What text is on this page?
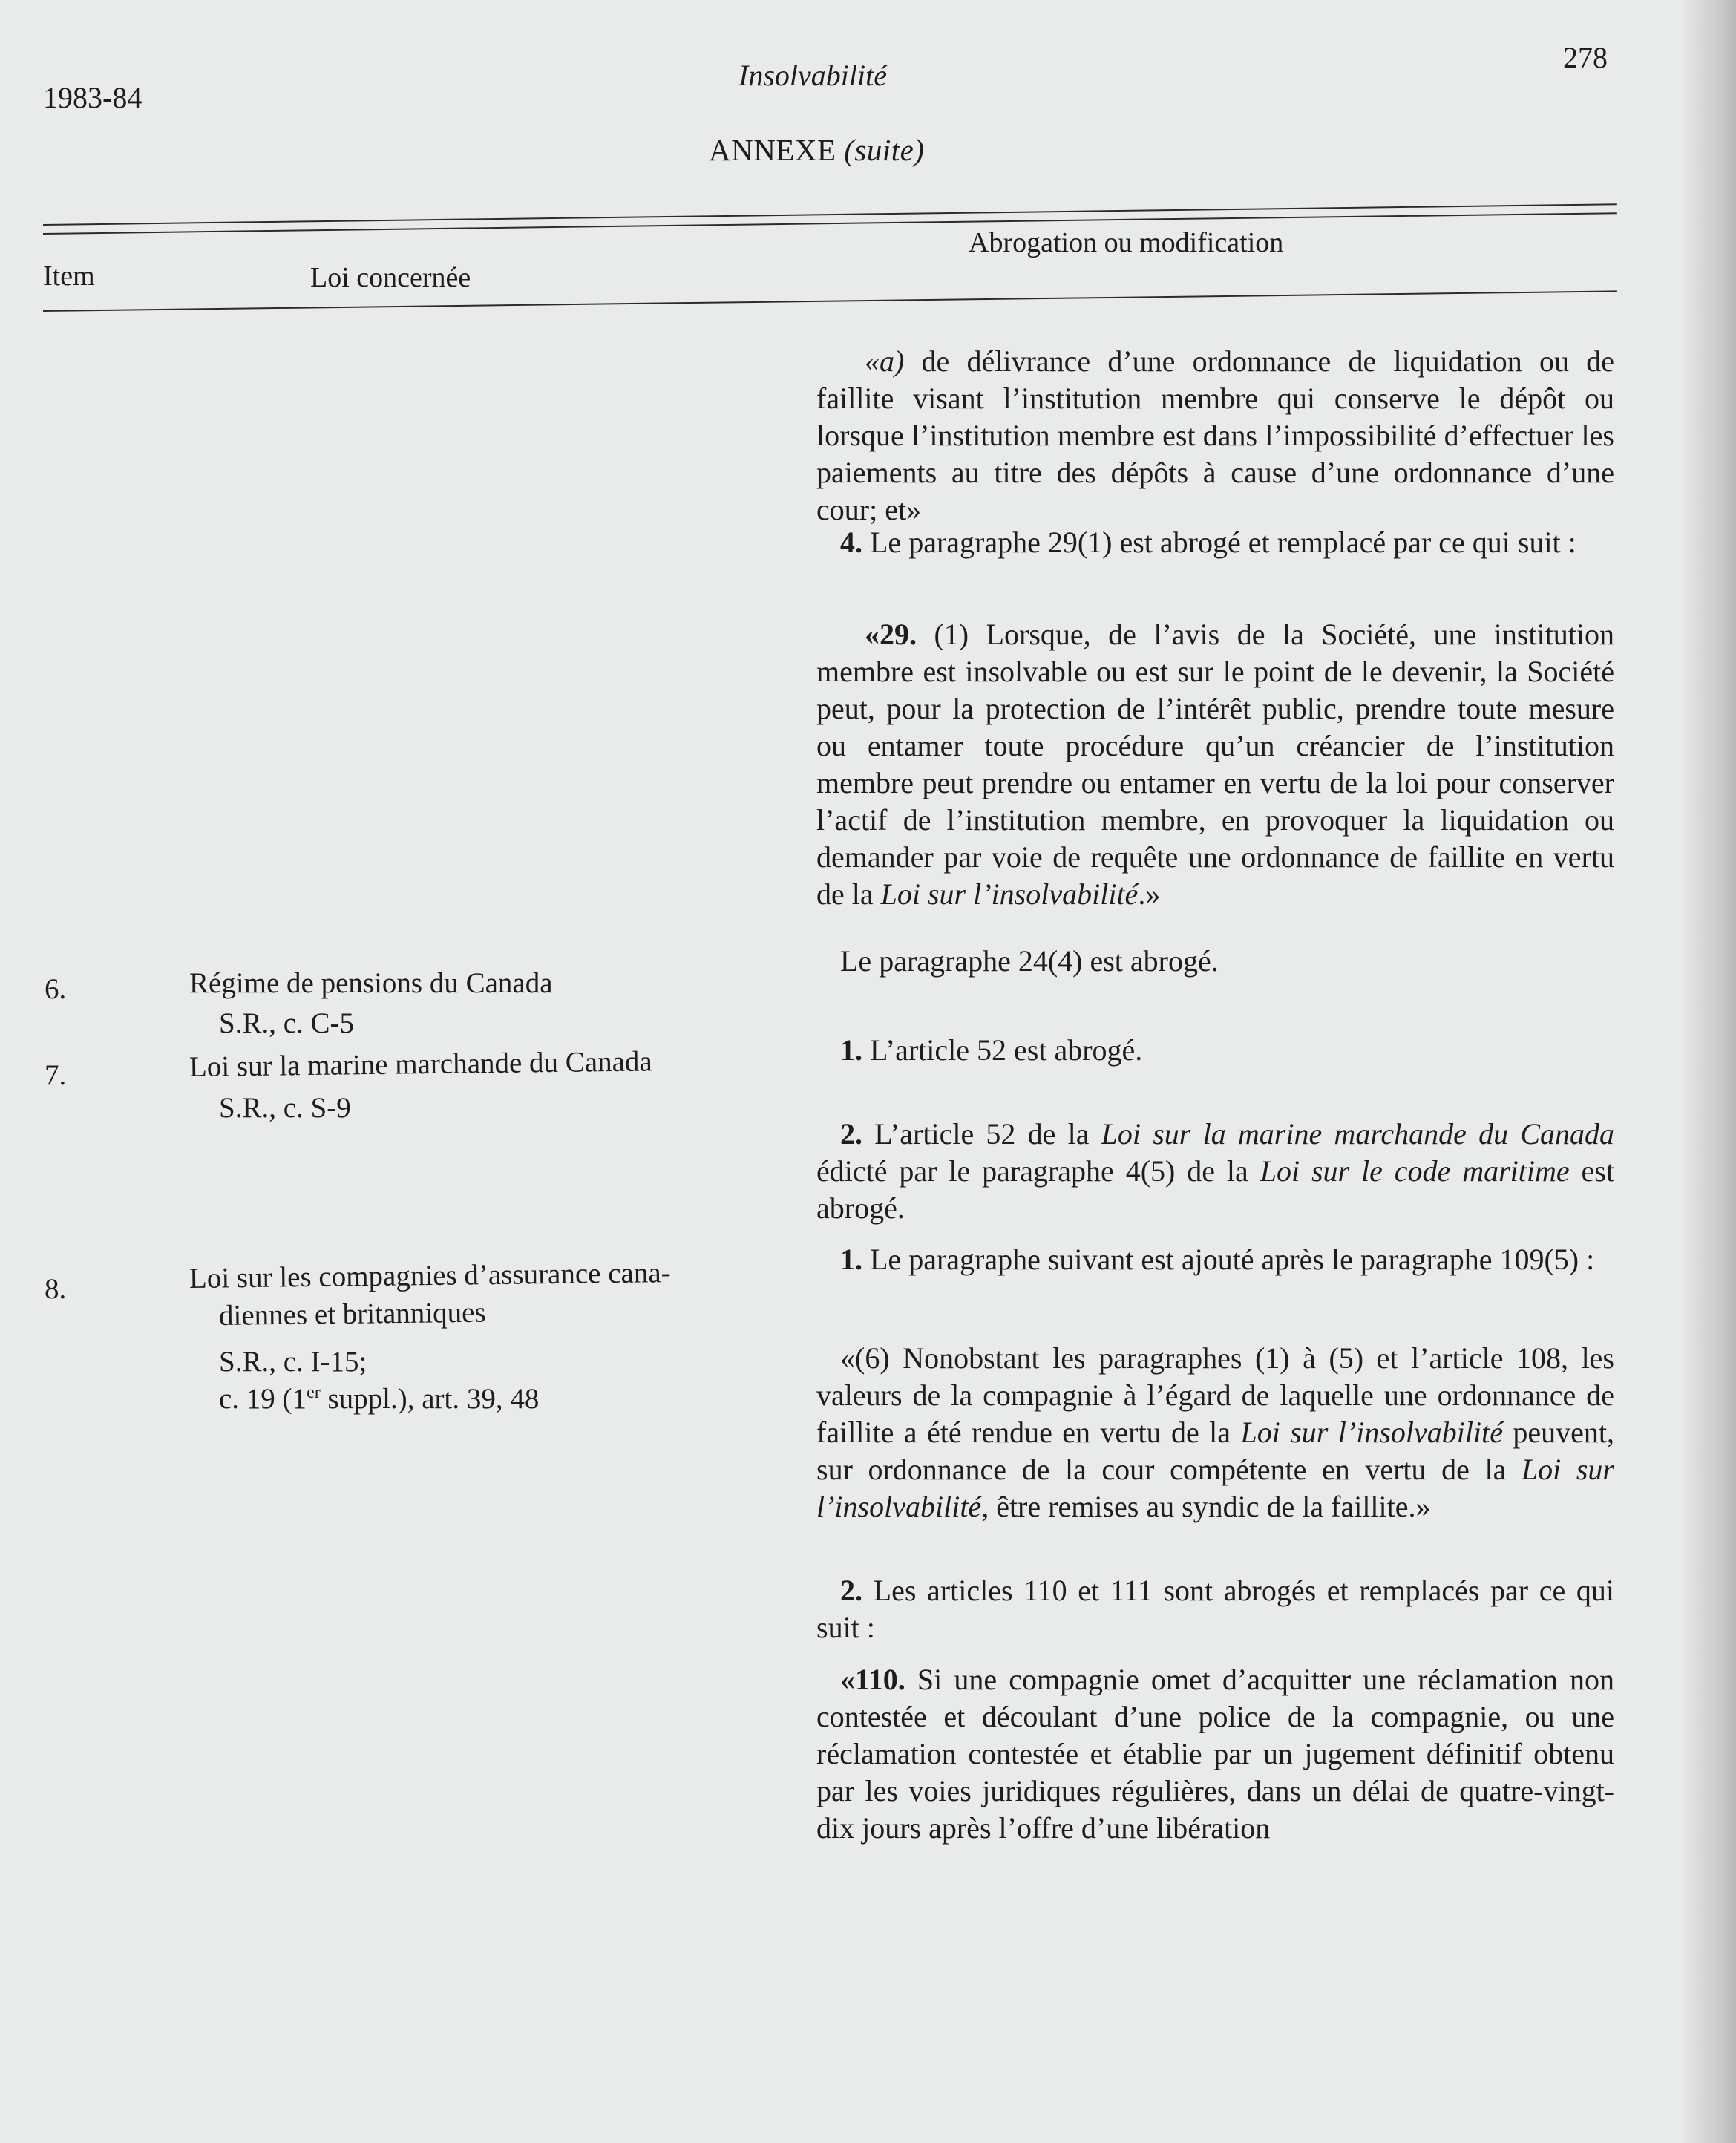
1983-84
Insolvabilité
278
ANNEXE (suite)
Item	Loi concernée
Abrogation ou modification
6.	Régime de pensions du Canada
S.R., c. C-5
7.	Loi sur la marine marchande du Canada
S.R., c. S-9
8.	Loi sur les compagnies d’assurance cana-
diennes et britanniques
S.R., c. I-15;
c. 19 (1er suppl.), art. 39, 48
«a) de délivrance d’une ordonnance de liquidation ou de faillite visant l’institution membre qui conserve le dépôt ou lorsque l’institution membre est dans l’impossibilité d’effectuer les paiements au titre des dépôts à cause d’une ordonnance d’une cour; et»
4. Le paragraphe 29(1) est abrogé et remplacé par ce qui suit :
«29. (1) Lorsque, de l’avis de la Société, une institution membre est insolvable ou est sur le point de le devenir, la Société peut, pour la protection de l’intérêt public, prendre toute mesure ou entamer toute procédure qu’un créancier de l’institution membre peut prendre ou entamer en vertu de la loi pour conserver l’actif de l’institution membre, en provoquer la liquidation ou demander par voie de requête une ordonnance de faillite en vertu de la Loi sur l’insolvabilité.»
Le paragraphe 24(4) est abrogé.
1. L’article 52 est abrogé.
2. L’article 52 de la Loi sur la marine marchande du Canada édicté par le paragraphe 4(5) de la Loi sur le code maritime est abrogé.
1. Le paragraphe suivant est ajouté après le paragraphe 109(5) :
«(6) Nonobstant les paragraphes (1) à (5) et l’article 108, les valeurs de la compagnie à l’égard de laquelle une ordonnance de faillite a été rendue en vertu de la Loi sur l’insolvabilité peuvent, sur ordonnance de la cour compétente en vertu de la Loi sur l’insolvabilité, être remises au syndic de la faillite.»
2. Les articles 110 et 111 sont abrogés et remplacés par ce qui suit :
«110. Si une compagnie omet d’acquitter une réclamation non contestée et découlant d’une police de la compagnie, ou une réclamation contestée et établie par un jugement définitif obtenu par les voies juridiques régulières, dans un délai de quatre-vingt-dix jours après l’offre d’une libération
